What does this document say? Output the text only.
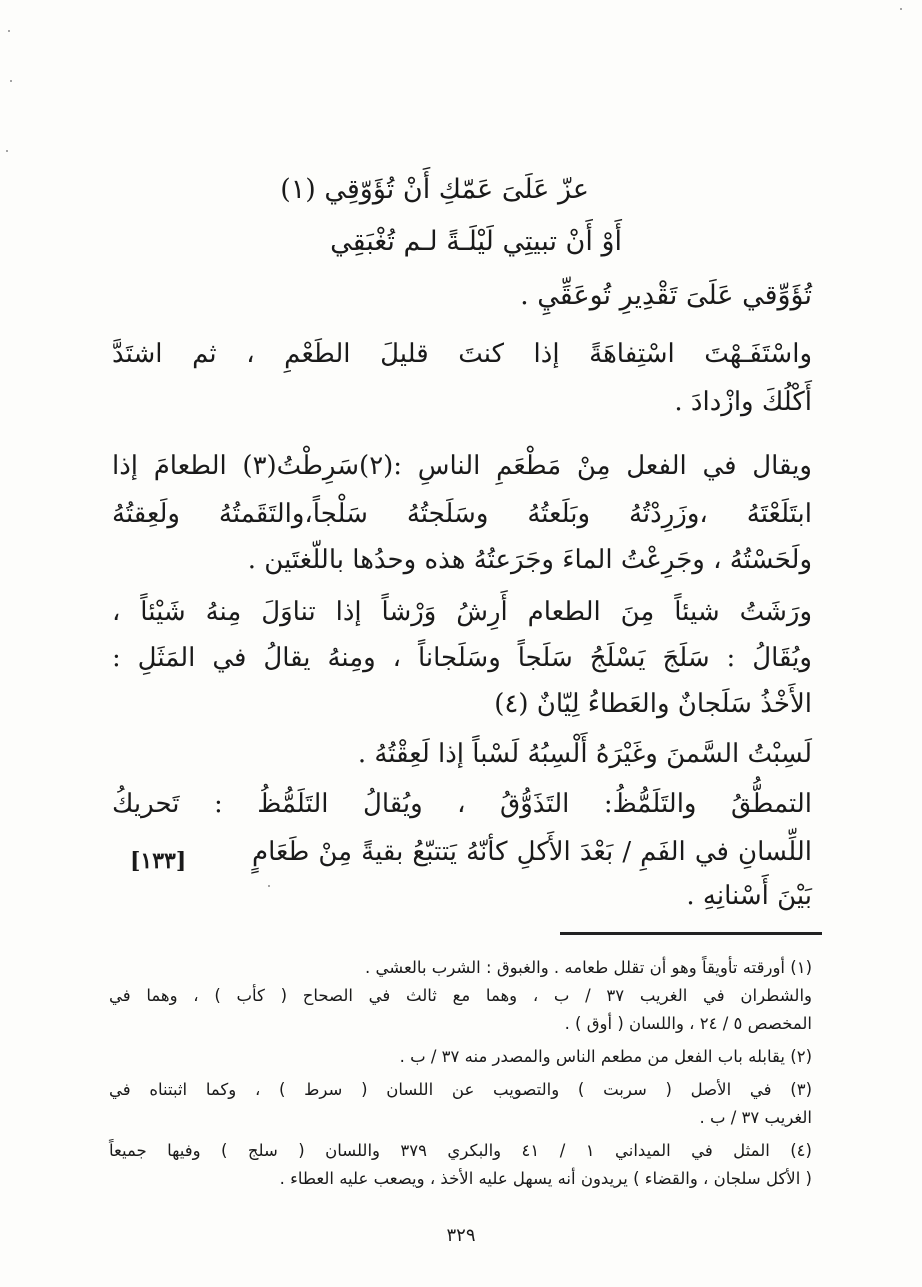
عزّ عَلَىَ عَمّكِ أَنْ تُؤَوّقِي (١)
أَوْ أَنْ تبيتِي لَيْلَـةً لـم تُغْبَقِي
تُؤَوِّقي عَلَىَ تَقْدِيرِ تُوعَقِّيِ .
واسْتَفَـهْتَ اسْتِفاهَةً إذا كنتَ قليلَ الطَعْمِ ، ثم اشتَدَّ
أَكْلُكَ وازْدادَ .
ويقال في الفعل مِنْ مَطْعَمِ الناسِ :(٢)سَرِطْتُ(٣) الطعامَ إذا
ابتَلَعْتَهُ ،وزَرِدْتُهُ وبَلَعتُهُ وسَلَجتُهُ سَلْجاً،والتَقَمتُهُ ولَعِقتُهُ
ولَحَسْتُهُ ، وجَرِعْتُ الماءَ وجَرَعتُهُ هذه وحدُها باللّغتَين .
ورَشَتُ شيئاً مِنَ الطعام أَرِشُ وَرْشاً إذا تناوَلَ مِنهُ شَيْئاً ،
ويُقَالُ : سَلَجَ يَسْلَجُ سَلَجاً وسَلَجاناً ، ومِنهُ يقالُ في المَثَلِ :
الأَخْذُ سَلَجانٌ والعَطاءُ لِيّانٌ (٤)
لَسِبْتُ السَّمنَ وغَيْرَهُ أَلْسِبُهُ لَسْباً إذا لَعِقْتُهُ .
التمطُّقُ والتَلَمُّظُ: التَذَوُّقُ ، ويُقالُ التَلَمُّظُ : تَحريكُ
اللِّسانِ في الفَمِ / بَعْدَ الأَكلِ كأنّهُ يَتتبّعُ بقيةً مِنْ طَعَامٍ
بَيْنَ أَسْنانِهِ .
[١٣٣]
(١) أورقته تأويقاً وهو أن تقلل طعامه . والغبوق : الشرب بالعشي .
والشطران في الغريب ٣٧ / ب ، وهما مع ثالث في الصحاح ( كأب ) ، وهما في
المخصص ٥ / ٢٤ ، واللسان ( أوق ) .
(٢) يقابله باب الفعل من مطعم الناس والمصدر منه ٣٧ / ب .
(٣) في الأصل ( سربت ) والتصويب عن اللسان ( سرط ) ، وكما اثبتناه في
الغريب ٣٧ / ب .
(٤) المثل في الميداني ١ / ٤١ والبكري ٣٧٩ واللسان ( سلج ) وفيها جميعاً
( الأكل سلجان ، والقضاء ) يريدون أنه يسهل عليه الأخذ ، ويصعب عليه العطاء .
٣٢٩
